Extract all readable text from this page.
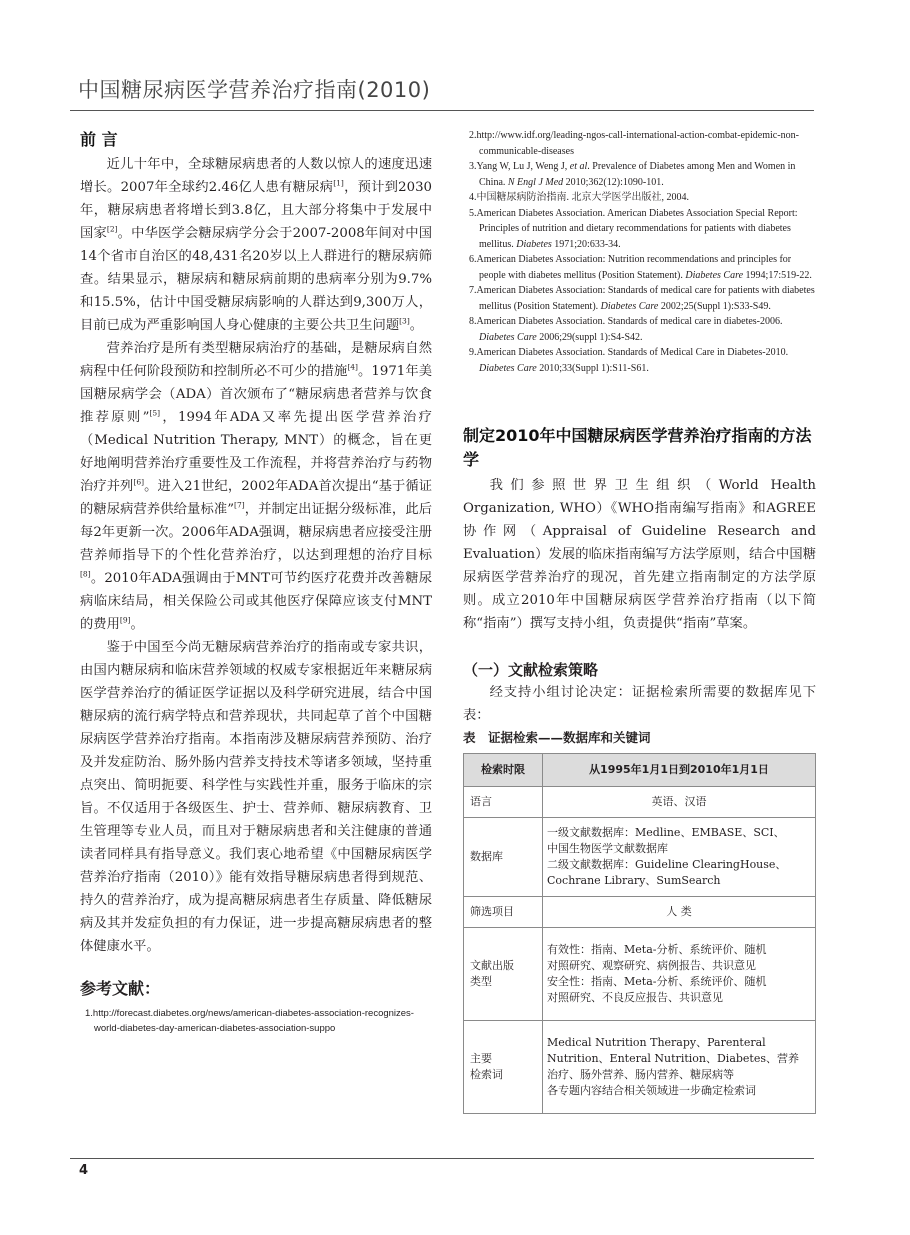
中国糖尿病医学营养治疗指南(2010)
前 言

近儿十年中，全球糖尿病患者的人数以惊人的速度迅速增长。2007年全球约2.46亿人患有糖尿病[1]，预计到2030年，糖尿病患者将增长到3.8亿，且大部分将集中于发展中国家[2]。中华医学会糖尿病学分会于2007-2008年间对中国14个省市自治区的48,431名20岁以上人群进行的糖尿病筛查。结果显示，糖尿病和糖尿病前期的患病率分别为9.7%和15.5%，估计中国受糖尿病影响的人群达到9,300万人，目前已成为严重影响国人身心健康的主要公共卫生问题[3]。

营养治疗是所有类型糖尿病治疗的基础，是糖尿病自然病程中任何阶段预防和控制所必不可少的措施[4]。1971年美国糖尿病学会（ADA）首次颁布了“糖尿病患者营养与饮食推荐原则”[5]，1994年ADA又率先提出医学营养治疗（Medical Nutrition Therapy, MNT）的概念，旨在更好地阐明营养治疗重要性及工作流程，并将营养治疗与药物治疗并列[6]。进入21世纪，2002年ADA首次提出“基于循证的糖尿病营养供给量标准”[7]，并制定出证据分级标准，此后每2年更新一次。2006年ADA强调，糖尿病患者应接受注册营养师指导下的个性化营养治疗，以达到理想的治疗目标[8]。2010年ADA强调由于MNT可节约医疗花费并改善糖尿病临床结局，相关保险公司或其他医疗保障应该支付MNT的费用[9]。

鉴于中国至今尚无糖尿病营养治疗的指南或专家共识，由国内糖尿病和临床营养领域的权威专家根据近年来糖尿病医学营养治疗的循证医学证据以及科学研究进展，结合中国糖尿病的流行病学特点和营养现状，共同起草了首个中国糖尿病医学营养治疗指南。本指南涉及糖尿病营养预防、治疗及并发症防治、肠外肠内营养支持技术等诸多领域，坚持重点突出、简明扼要、科学性与实践性并重，服务于临床的宗旨。不仅适用于各级医生、护士、营养师、糖尿病教育、卫生管理等专业人员，而且对于糖尿病患者和关注健康的普通读者同样具有指导意义。我们衷心地希望《中国糖尿病医学营养治疗指南（2010）》能有效指导糖尿病患者得到规范、持久的营养治疗，成为提高糖尿病患者生存质量、降低糖尿病及其并发症负担的有力保证，进一步提高糖尿病患者的整体健康水平。

参考文献：
1.http://forecast.diabetes.org/news/american-diabetes-association-recognizes-world-diabetes-day-american-diabetes-association-suppo

2.http://www.idf.org/leading-ngos-call-international-action-combat-epidemic-non-communicable-diseases

3.Yang W, Lu J, Weng J, et al. Prevalence of Diabetes among Men and Women in China. N Engl J Med 2010;362(12):1090-101.

4.中国糖尿病防治指南. 北京大学医学出版社, 2004.

5.American Diabetes Association. American Diabetes Association Special Report: Principles of nutrition and dietary recommendations for patients with diabetes mellitus. Diabetes 1971;20:633-34.

6.American Diabetes Association: Nutrition recommendations and principles for people with diabetes mellitus (Position Statement). Diabetes Care 1994;17:519-22.

7.American Diabetes Association: Standards of medical care for patients with diabetes mellitus (Position Statement). Diabetes Care 2002;25(Suppl 1):S33-S49.

8.American Diabetes Association. Standards of medical care in diabetes-2006. Diabetes Care 2006;29(suppl 1):S4-S42.

9.American Diabetes Association. Standards of Medical Care in Diabetes-2010. Diabetes Care 2010;33(Suppl 1):S11-S61.

制定2010年中国糖尿病医学营养治疗指南的方法学

我们参照世界卫生组织（World Health Organization, WHO）《WHO指南编写指南》和AGREE协作网（Appraisal of Guideline Research and Evaluation）发展的临床指南编写方法学原则，结合中国糖尿病医学营养治疗的现况，首先建立指南制定的方法学原则。成立2010年中国糖尿病医学营养治疗指南（以下简称“指南”）撰写支持小组，负责提供“指南”草案。

（一）文献检索策略

经支持小组讨论决定：证据检索所需要的数据库见下表：

表　证据检索——数据库和关键词
检索时限	从1995年1月1日到2010年1月1日
语言	英语、汉语
数据库	一级文献数据库：Medline、EMBASE、SCI、
中国生物医学文献数据库
二级文献数据库：Guideline ClearingHouse、
Cochrane Library、SumSearch

筛选项目	人 类

文献出版
类型	有效性：指南、Meta-分析、系统评价、随机
对照研究、观察研究、病例报告、共识意见
安全性：指南、Meta-分析、系统评价、随机
对照研究、不良反应报告、共识意见

主要
检索词	Medical Nutrition Therapy、Parenteral
Nutrition、Enteral Nutrition、Diabetes、营养
治疗、肠外营养、肠内营养、糖尿病等
各专题内容结合相关领域进一步确定检索词
4
